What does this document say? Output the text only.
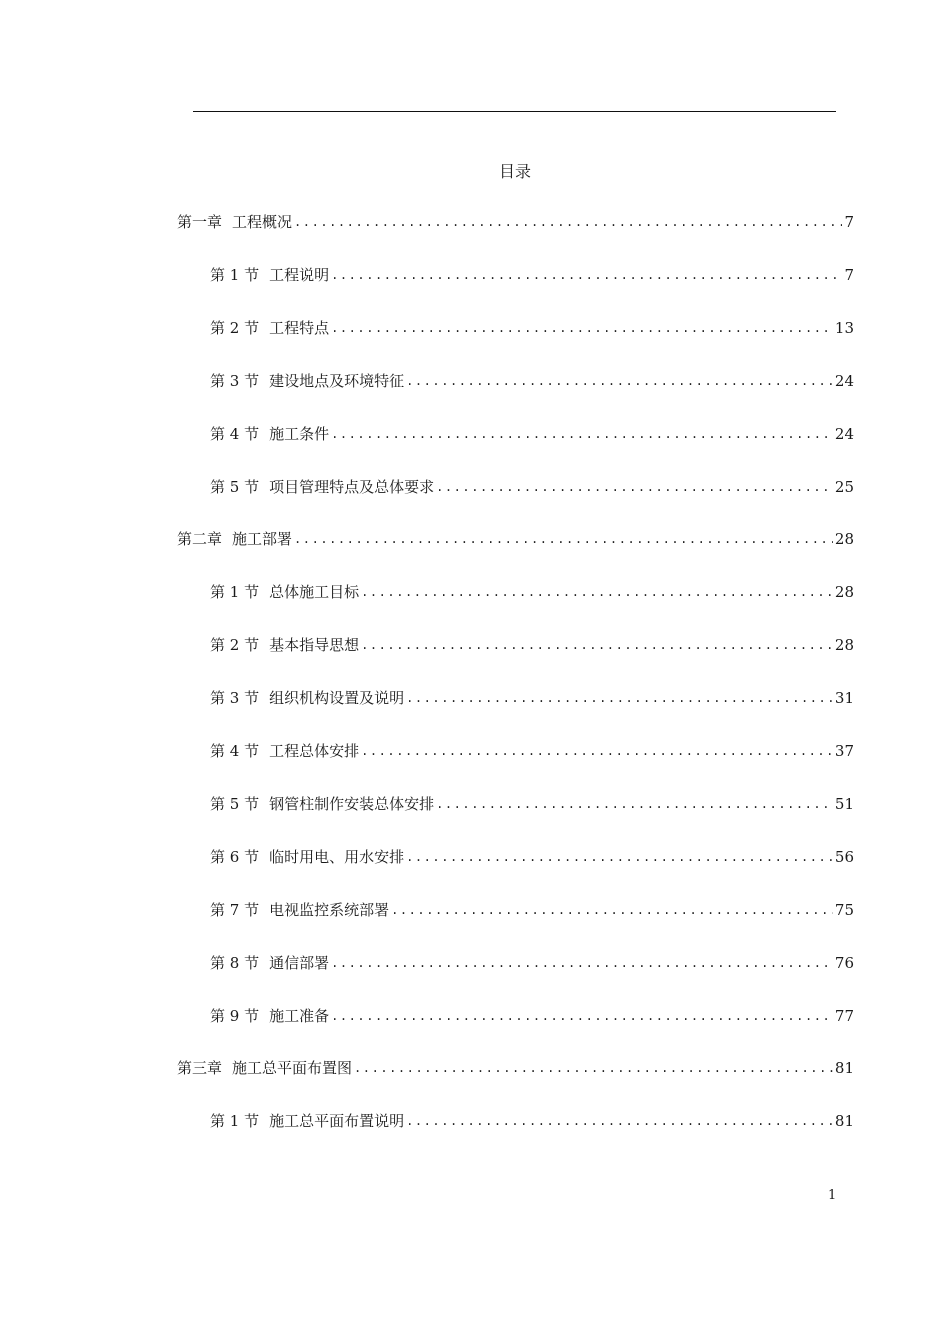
目录
第一章 工程概况 .....	7
第 1 节 工程说明 .....	7
第 2 节 工程特点 .....	13
第 3 节 建设地点及环境特征 .....	24
第 4 节 施工条件 .....	24
第 5 节 项目管理特点及总体要求 .....	25
第二章 施工部署 .....	28
第 1 节 总体施工目标 .....	28
第 2 节 基本指导思想 .....	28
第 3 节 组织机构设置及说明 .....	31
第 4 节 工程总体安排 .....	37
第 5 节 钢管柱制作安装总体安排 .....	51
第 6 节 临时用电、用水安排 .....	56
第 7 节 电视监控系统部署 .....	75
第 8 节 通信部署 .....	76
第 9 节 施工准备 .....	77
第三章 施工总平面布置图 .....	81
第 1 节 施工总平面布置说明 .....	81
1
